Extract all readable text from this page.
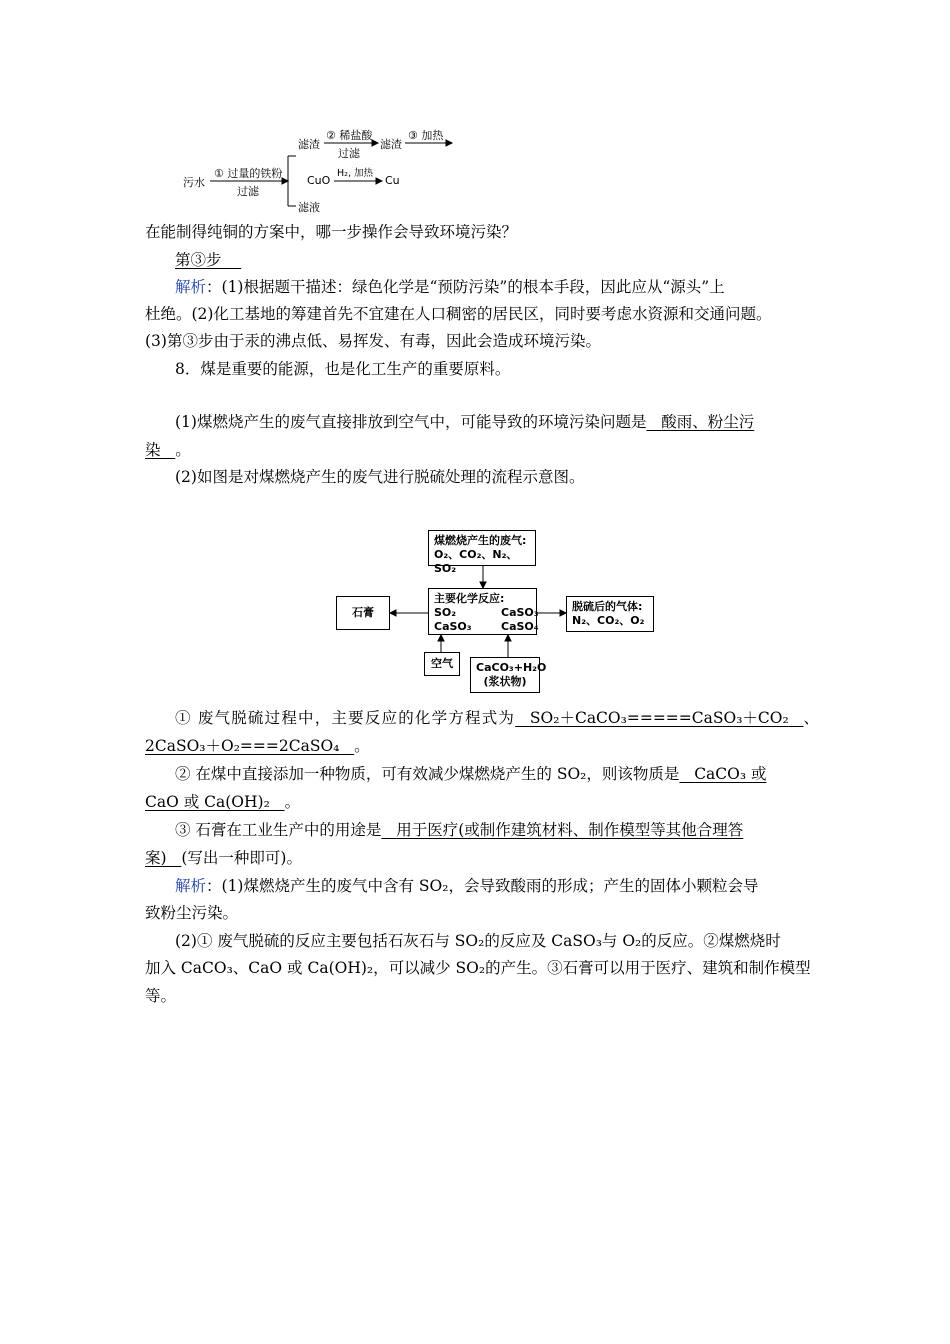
污水
① 过量的铁粉
过滤
滤渣
② 稀盐酸
过滤
滤渣
③ 加热
CuO
H₂, 加热
Cu
滤液
在能制得纯铜的方案中，哪一步操作会导致环境污染？
第③步
解析：(1)根据题干描述：绿色化学是“预防污染”的根本手段，因此应从“源头”上
杜绝。(2)化工基地的筹建首先不宜建在人口稠密的居民区，同时要考虑水资源和交通问题。
(3)第③步由于汞的沸点低、易挥发、有毒，因此会造成环境污染。
8．煤是重要的能源，也是化工生产的重要原料。
(1)煤燃烧产生的废气直接排放到空气中，可能导致的环境污染问题是 酸雨、粉尘污
染 。
(2)如图是对煤燃烧产生的废气进行脱硫处理的流程示意图。
煤燃烧产生的废气:
O₂、CO₂、N₂、SO₂
主要化学反应:
SO₂	CaSO₃
CaSO₃	CaSO₄
石膏	脱硫后的气体:
N₂、CO₂、O₂
空气	CaCO₃+H₂O
(浆状物)
① 废气脱硫过程中，主要反应的化学方程式为 SO₂＋CaCO₃=====CaSO₃＋CO₂ 、
2CaSO₃＋O₂===2CaSO₄ 。
② 在煤中直接添加一种物质，可有效减少煤燃烧产生的 SO₂，则该物质是 CaCO₃ 或
CaO 或 Ca(OH)₂ 。
③ 石膏在工业生产中的用途是 用于医疗(或制作建筑材料、制作模型等其他合理答
案) (写出一种即可)。
解析：(1)煤燃烧产生的废气中含有 SO₂，会导致酸雨的形成；产生的固体小颗粒会导
致粉尘污染。
(2)① 废气脱硫的反应主要包括石灰石与 SO₂的反应及 CaSO₃与 O₂的反应。②煤燃烧时
加入 CaCO₃、CaO 或 Ca(OH)₂，可以减少 SO₂的产生。③石膏可以用于医疗、建筑和制作模型
等。
